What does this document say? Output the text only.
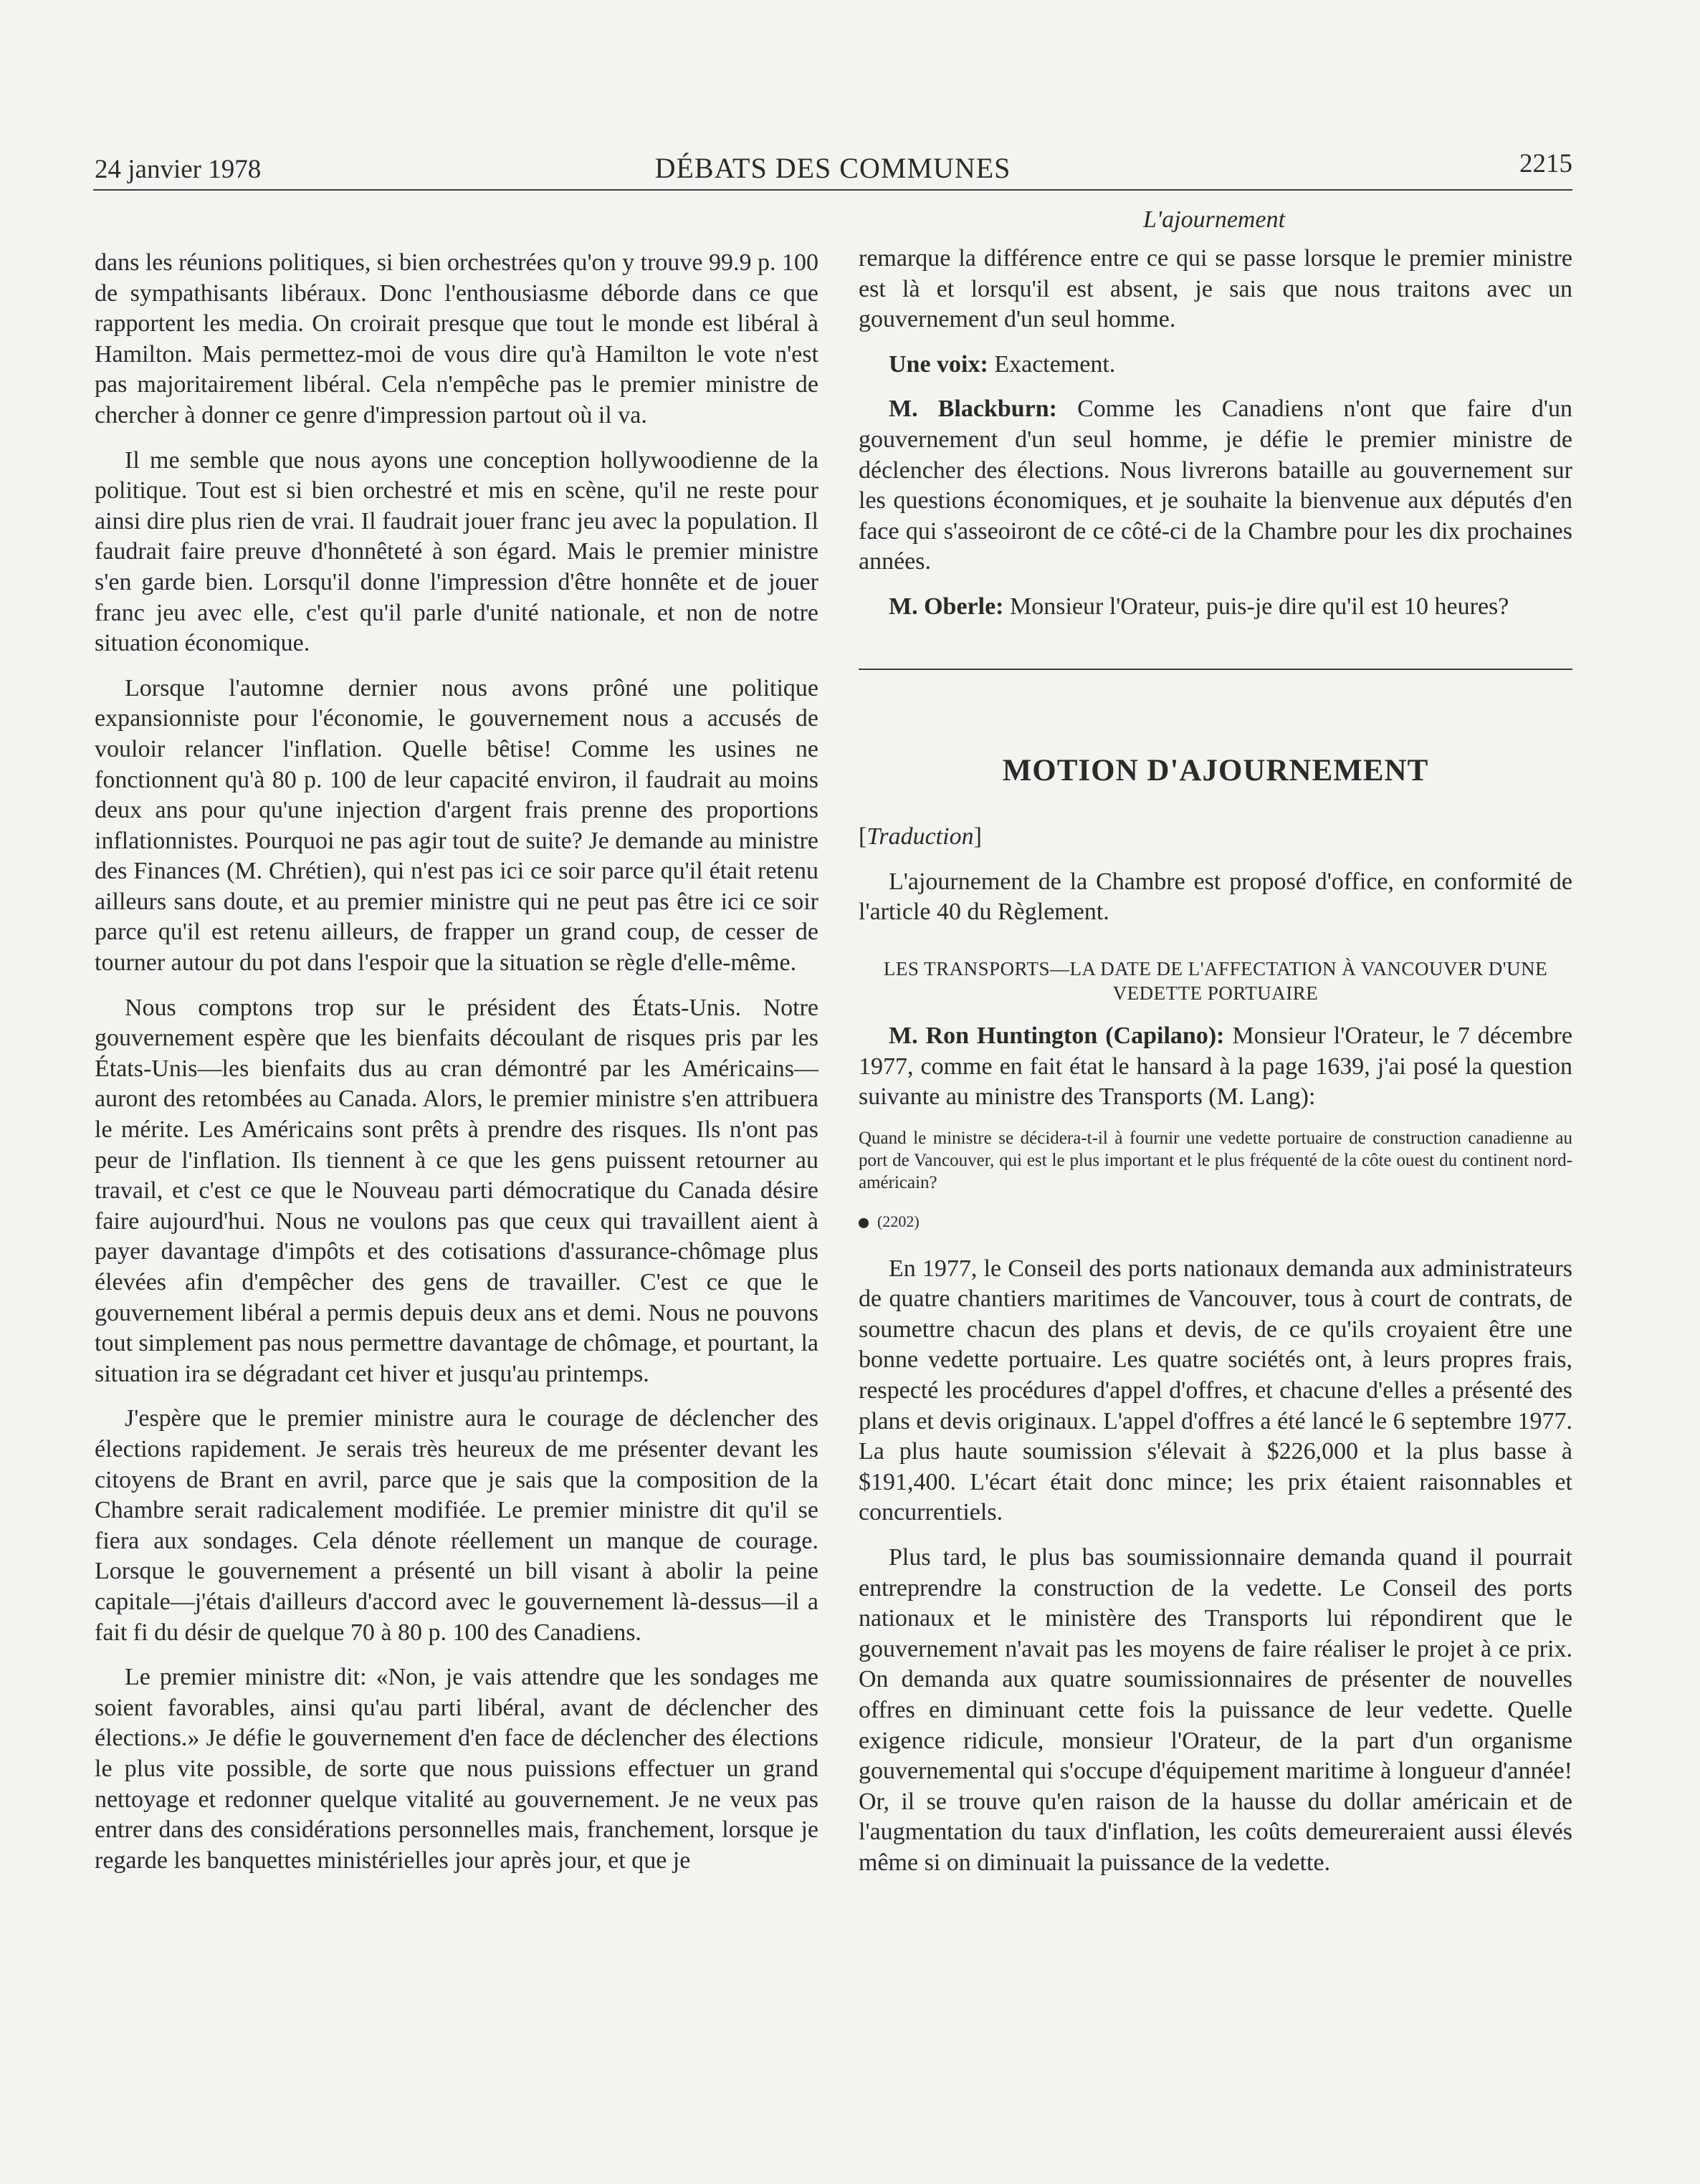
24 janvier 1978	DÉBATS DES COMMUNES	2215
L'ajournement

dans les réunions politiques, si bien orchestrées qu'on y trouve 99.9 p. 100 de sympathisants libéraux. Donc l'enthousiasme déborde dans ce que rapportent les media. On croirait presque que tout le monde est libéral à Hamilton. Mais permettez-moi de vous dire qu'à Hamilton le vote n'est pas majoritairement libéral. Cela n'empêche pas le premier ministre de chercher à donner ce genre d'impression partout où il va.

Il me semble que nous ayons une conception hollywoodienne de la politique. Tout est si bien orchestré et mis en scène, qu'il ne reste pour ainsi dire plus rien de vrai. Il faudrait jouer franc jeu avec la population. Il faudrait faire preuve d'honnêteté à son égard. Mais le premier ministre s'en garde bien. Lorsqu'il donne l'impression d'être honnête et de jouer franc jeu avec elle, c'est qu'il parle d'unité nationale, et non de notre situation économique.

Lorsque l'automne dernier nous avons prôné une politique expansionniste pour l'économie, le gouvernement nous a accusés de vouloir relancer l'inflation. Quelle bêtise! Comme les usines ne fonctionnent qu'à 80 p. 100 de leur capacité environ, il faudrait au moins deux ans pour qu'une injection d'argent frais prenne des proportions inflationnistes. Pourquoi ne pas agir tout de suite? Je demande au ministre des Finances (M. Chrétien), qui n'est pas ici ce soir parce qu'il était retenu ailleurs sans doute, et au premier ministre qui ne peut pas être ici ce soir parce qu'il est retenu ailleurs, de frapper un grand coup, de cesser de tourner autour du pot dans l'espoir que la situation se règle d'elle-même.

Nous comptons trop sur le président des États-Unis. Notre gouvernement espère que les bienfaits découlant de risques pris par les États-Unis—les bienfaits dus au cran démontré par les Américains—auront des retombées au Canada. Alors, le premier ministre s'en attribuera le mérite. Les Américains sont prêts à prendre des risques. Ils n'ont pas peur de l'inflation. Ils tiennent à ce que les gens puissent retourner au travail, et c'est ce que le Nouveau parti démocratique du Canada désire faire aujourd'hui. Nous ne voulons pas que ceux qui travaillent aient à payer davantage d'impôts et des cotisations d'assurance-chômage plus élevées afin d'empêcher des gens de travailler. C'est ce que le gouvernement libéral a permis depuis deux ans et demi. Nous ne pouvons tout simplement pas nous permettre davantage de chômage, et pourtant, la situation ira se dégradant cet hiver et jusqu'au printemps.

J'espère que le premier ministre aura le courage de déclencher des élections rapidement. Je serais très heureux de me présenter devant les citoyens de Brant en avril, parce que je sais que la composition de la Chambre serait radicalement modifiée. Le premier ministre dit qu'il se fiera aux sondages. Cela dénote réellement un manque de courage. Lorsque le gouvernement a présenté un bill visant à abolir la peine capitale—j'étais d'ailleurs d'accord avec le gouvernement là-dessus—il a fait fi du désir de quelque 70 à 80 p. 100 des Canadiens.

Le premier ministre dit: «Non, je vais attendre que les sondages me soient favorables, ainsi qu'au parti libéral, avant de déclencher des élections.» Je défie le gouvernement d'en face de déclencher des élections le plus vite possible, de sorte que nous puissions effectuer un grand nettoyage et redonner quelque vitalité au gouvernement. Je ne veux pas entrer dans des considérations personnelles mais, franchement, lorsque je regarde les banquettes ministérielles jour après jour, et que je

remarque la différence entre ce qui se passe lorsque le premier ministre est là et lorsqu'il est absent, je sais que nous traitons avec un gouvernement d'un seul homme.

Une voix: Exactement.

M. Blackburn: Comme les Canadiens n'ont que faire d'un gouvernement d'un seul homme, je défie le premier ministre de déclencher des élections. Nous livrerons bataille au gouvernement sur les questions économiques, et je souhaite la bienvenue aux députés d'en face qui s'asseoiront de ce côté-ci de la Chambre pour les dix prochaines années.

M. Oberle: Monsieur l'Orateur, puis-je dire qu'il est 10 heures?

MOTION D'AJOURNEMENT
[Traduction]

L'ajournement de la Chambre est proposé d'office, en conformité de l'article 40 du Règlement.

LES TRANSPORTS—LA DATE DE L'AFFECTATION À VANCOUVER D'UNE VEDETTE PORTUAIRE

M. Ron Huntington (Capilano): Monsieur l'Orateur, le 7 décembre 1977, comme en fait état le hansard à la page 1639, j'ai posé la question suivante au ministre des Transports (M. Lang):

Quand le ministre se décidera-t-il à fournir une vedette portuaire de construction canadienne au port de Vancouver, qui est le plus important et le plus fréquenté de la côte ouest du continent nord-américain?
(2202)

En 1977, le Conseil des ports nationaux demanda aux administrateurs de quatre chantiers maritimes de Vancouver, tous à court de contrats, de soumettre chacun des plans et devis, de ce qu'ils croyaient être une bonne vedette portuaire. Les quatre sociétés ont, à leurs propres frais, respecté les procédures d'appel d'offres, et chacune d'elles a présenté des plans et devis originaux. L'appel d'offres a été lancé le 6 septembre 1977. La plus haute soumission s'élevait à $226,000 et la plus basse à $191,400. L'écart était donc mince; les prix étaient raisonnables et concurrentiels.

Plus tard, le plus bas soumissionnaire demanda quand il pourrait entreprendre la construction de la vedette. Le Conseil des ports nationaux et le ministère des Transports lui répondirent que le gouvernement n'avait pas les moyens de faire réaliser le projet à ce prix. On demanda aux quatre soumissionnaires de présenter de nouvelles offres en diminuant cette fois la puissance de leur vedette. Quelle exigence ridicule, monsieur l'Orateur, de la part d'un organisme gouvernemental qui s'occupe d'équipement maritime à longueur d'année! Or, il se trouve qu'en raison de la hausse du dollar américain et de l'augmentation du taux d'inflation, les coûts demeureraient aussi élevés même si on diminuait la puissance de la vedette.
